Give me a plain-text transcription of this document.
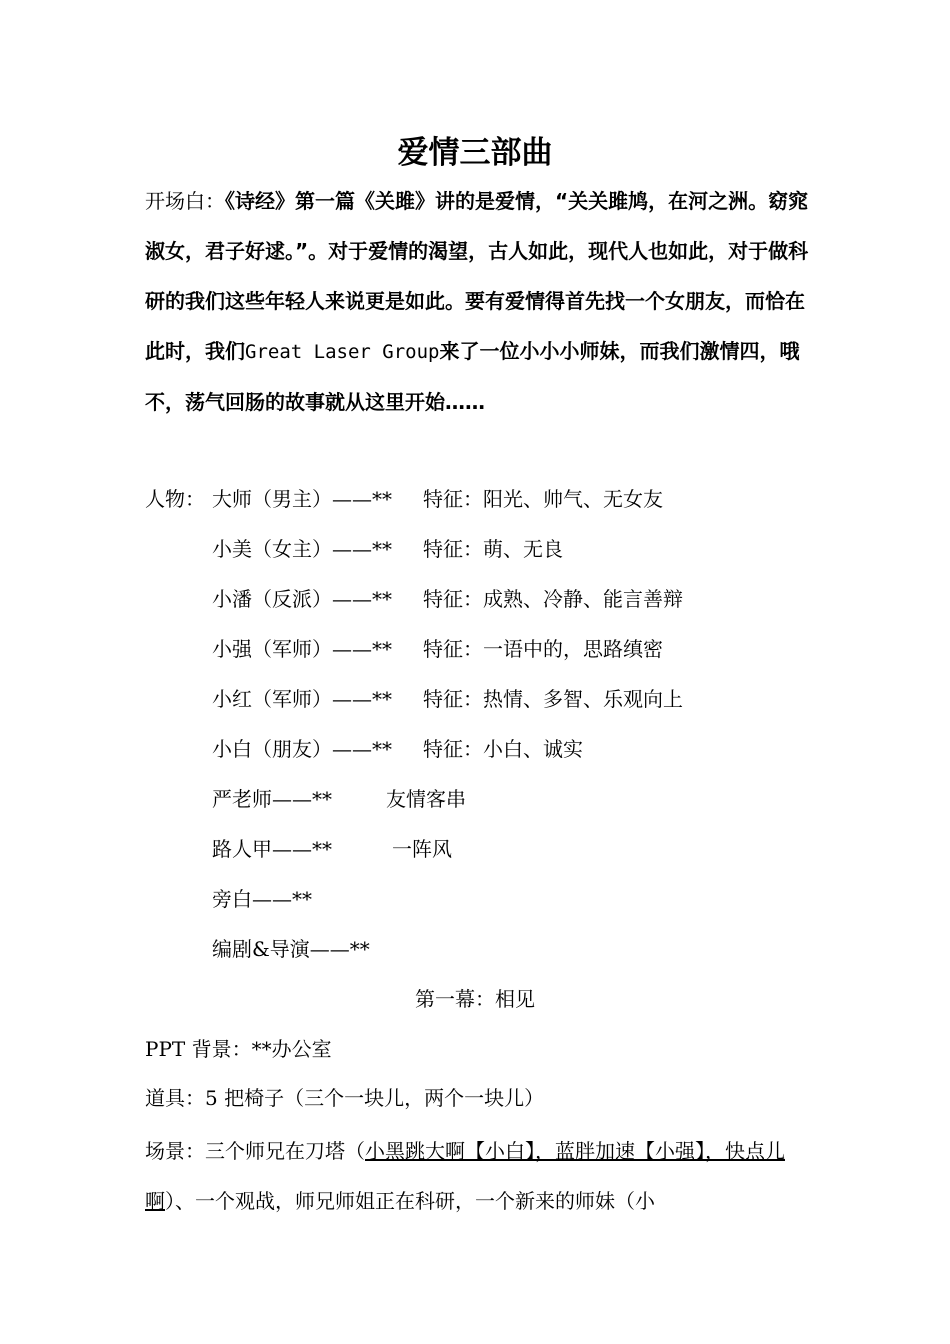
爱情三部曲
开场白：《诗经》第一篇《关雎》讲的是爱情，“关关雎鸠，在河之洲。窈窕淑女，君子好逑。”。对于爱情的渴望，古人如此，现代人也如此，对于做科研的我们这些年轻人来说更是如此。要有爱情得首先找一个女朋友，而恰在此时，我们Great Laser Group来了一位小小小师妹，而我们激情四，哦不，荡气回肠的故事就从这里开始……
人物： 大师（男主）——** 特征：阳光、帅气、无女友
小美（女主）——** 特征：萌、无良
小潘（反派）——** 特征：成熟、冷静、能言善辩
小强（军师）——** 特征：一语中的，思路缜密
小红（军师）——** 特征：热情、多智、乐观向上
小白（朋友）——** 特征：小白、诚实
严老师——**	友情客串
路人甲——**	一阵风
旁白——**
编剧&导演——**
第一幕：相见
PPT 背景：**办公室
道具：5 把椅子（三个一块儿，两个一块儿）
场景：三个师兄在刀塔（小黑跳大啊【小白】，蓝胖加速【小强】，快点儿啊）、一个观战，师兄师姐正在科研，一个新来的师妹（小
